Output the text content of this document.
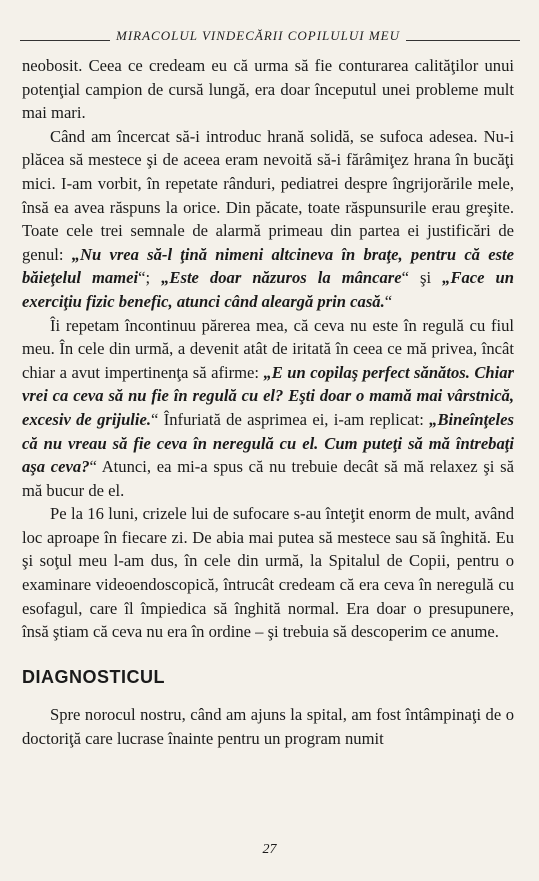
MIRACOLUL VINDECĂRII COPILULUI MEU

neobosit. Ceea ce credeam eu că urma să fie conturarea calităţilor unui potenţial campion de cursă lungă, era doar începutul unei probleme mult mai mari.

Când am încercat să-i introduc hrană solidă, se sufoca adesea. Nu-i plăcea să mestece şi de aceea eram nevoită să-i fărâmiţez hrana în bucăţi mici. I-am vorbit, în repetate rânduri, pediatrei despre îngrijorările mele, însă ea avea răspuns la orice. Din păcate, toate răspunsurile erau greşite. Toate cele trei semnale de alarmă primeau din partea ei justificări de genul: „Nu vrea să-l ţină nimeni altcineva în braţe, pentru că este băieţelul mamei“; „Este doar năzuros la mâncare“ şi „Face un exerciţiu fizic benefic, atunci când aleargă prin casă.“

Îi repetam încontinuu părerea mea, că ceva nu este în regulă cu fiul meu. În cele din urmă, a devenit atât de iritată în ceea ce mă privea, încât chiar a avut impertinenţa să afirme: „E un copilaş perfect sănătos. Chiar vrei ca ceva să nu fie în regulă cu el? Eşti doar o mamă mai vârstnică, excesiv de grijulie.“ Înfuriată de asprimea ei, i-am replicat: „Bineînţeles că nu vreau să fie ceva în neregulă cu el. Cum puteţi să mă întrebaţi aşa ceva?“ Atunci, ea mi-a spus că nu trebuie decât să mă relaxez şi să mă bucur de el.

Pe la 16 luni, crizele lui de sufocare s-au înteţit enorm de mult, având loc aproape în fiecare zi. De abia mai putea să mestece sau să înghită. Eu şi soţul meu l-am dus, în cele din urmă, la Spitalul de Copii, pentru o examinare videoendoscopică, întrucât credeam că era ceva în neregulă cu esofagul, care îl împiedica să înghită normal. Era doar o presupunere, însă ştiam că ceva nu era în ordine – şi trebuia să descoperim ce anume.

DIAGNOSTICUL

Spre norocul nostru, când am ajuns la spital, am fost întâmpinaţi de o doctoriţă care lucrase înainte pentru un program numit

27
